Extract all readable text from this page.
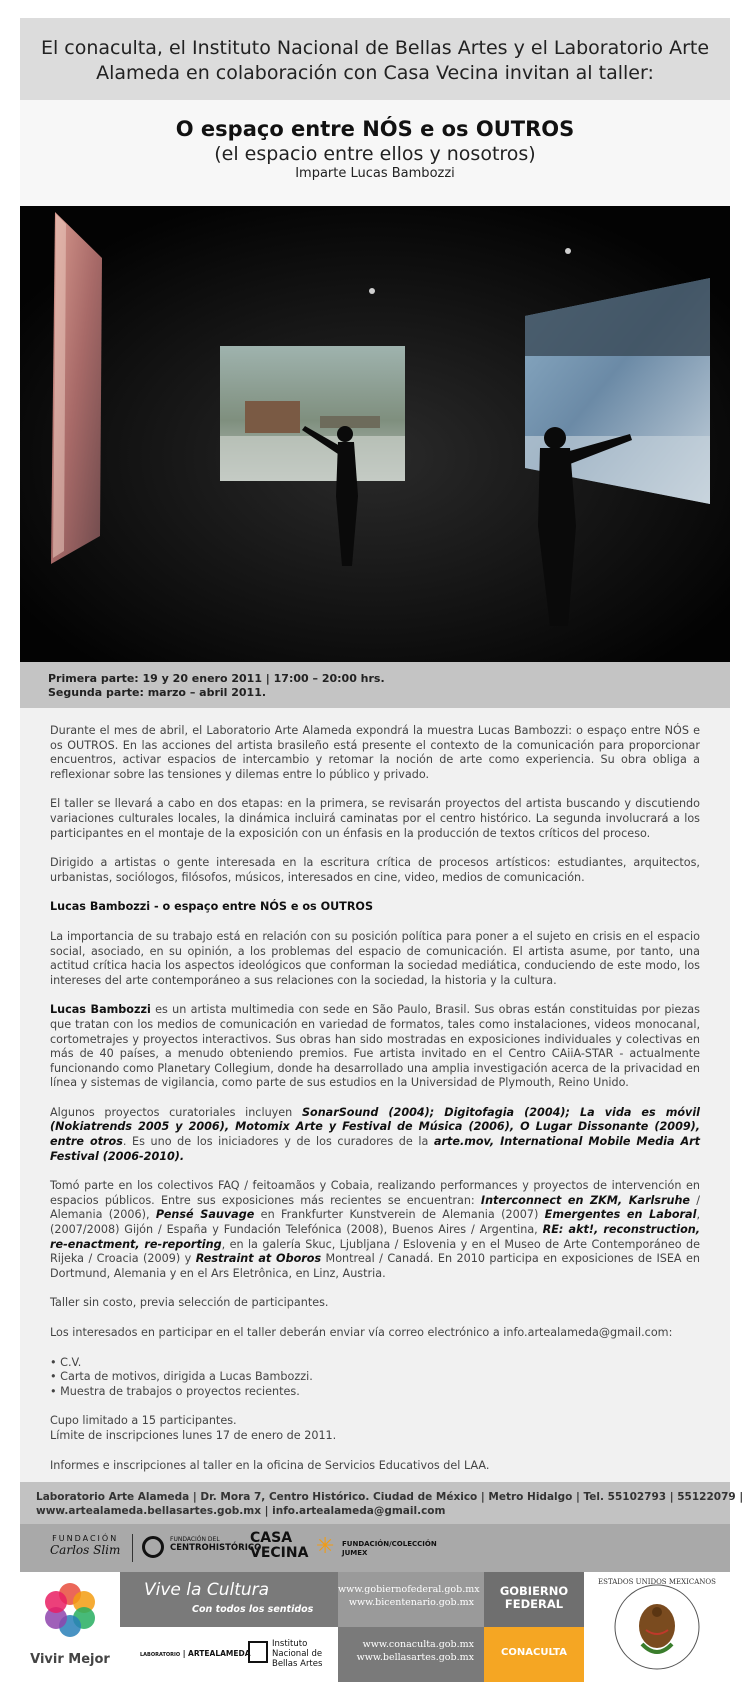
El conaculta, el Instituto Nacional de Bellas Artes y el Laboratorio Arte
Alameda en colaboración con Casa Vecina invitan al taller:
O espaço entre NÓS e os OUTROS
(el espacio entre ellos y nosotros)
Imparte Lucas Bambozzi
Primera parte: 19 y 20 enero 2011 | 17:00 – 20:00 hrs.
Segunda parte: marzo – abril 2011.

Durante el mes de abril, el Laboratorio Arte Alameda expondrá la muestra Lucas Bambozzi: o espaço entre NÓS e os OUTROS. En las acciones del artista brasileño está presente el contexto de la comunicación para proporcionar encuentros, activar espacios de intercambio y retomar la noción de arte como experiencia. Su obra obliga a reflexionar sobre las tensiones y dilemas entre lo público y privado.

El taller se llevará a cabo en dos etapas: en la primera, se revisarán proyectos del artista buscando y discutiendo variaciones culturales locales, la dinámica incluirá caminatas por el centro histórico. La segunda involucrará a los participantes en el montaje de la exposición con un énfasis en la producción de textos críticos del proceso.

Dirigido a artistas o gente interesada en la escritura crítica de procesos artísticos: estudiantes, arquitectos, urbanistas, sociólogos, filósofos, músicos, interesados en cine, video, medios de comunicación.

Lucas Bambozzi - o espaço entre NÓS e os OUTROS

La importancia de su trabajo está en relación con su posición política para poner a el sujeto en crisis en el espacio social, asociado, en su opinión, a los problemas del espacio de comunicación. El artista asume, por tanto, una actitud crítica hacia los aspectos ideológicos que conforman la sociedad mediática, conduciendo de este modo, los intereses del arte contemporáneo a sus relaciones con la sociedad, la historia y la cultura.

Lucas Bambozzi es un artista multimedia con sede en São Paulo, Brasil. Sus obras están constituidas por piezas que tratan con los medios de comunicación en variedad de formatos, tales como instalaciones, videos monocanal, cortometrajes y proyectos interactivos. Sus obras han sido mostradas en exposiciones individuales y colectivas en más de 40 países, a menudo obteniendo premios. Fue artista invitado en el Centro CAiiA-STAR - actualmente funcionando como Planetary Collegium, donde ha desarrollado una amplia investigación acerca de la privacidad en línea y sistemas de vigilancia, como parte de sus estudios en la Universidad de Plymouth, Reino Unido.

Algunos proyectos curatoriales incluyen SonarSound (2004); Digitofagia (2004); La vida es móvil (Nokiatrends 2005 y 2006), Motomix Arte y Festival de Música (2006), O Lugar Dissonante (2009), entre otros. Es uno de los iniciadores y de los curadores de la arte.mov, International Mobile Media Art Festival (2006-2010).

Tomó parte en los colectivos FAQ / feitoamãos y Cobaia, realizando performances y proyectos de intervención en espacios públicos. Entre sus exposiciones más recientes se encuentran: Interconnect en ZKM, Karlsruhe / Alemania (2006), Pensé Sauvage en Frankfurter Kunstverein de Alemania (2007) Emergentes en Laboral, (2007/2008) Gijón / España y Fundación Telefónica (2008), Buenos Aires / Argentina, RE: akt!, reconstruction, re-enactment, re-reporting, en la galería Skuc, Ljubljana / Eslovenia y en el Museo de Arte Contemporáneo de Rijeka / Croacia (2009) y Restraint at Oboros Montreal / Canadá. En 2010 participa en exposiciones de ISEA en Dortmund, Alemania y en el Ars Eletrônica, en Linz, Austria.

Taller sin costo, previa selección de participantes.

Los interesados en participar en el taller deberán enviar vía correo electrónico a info.artealameda@gmail.com:

• C.V.
• Carta de motivos, dirigida a Lucas Bambozzi.
• Muestra de trabajos o proyectos recientes.

Cupo limitado a 15 participantes.
Límite de inscripciones lunes 17 de enero de 2011.

Informes e inscripciones al taller en la oficina de Servicios Educativos del LAA.

Laboratorio Arte Alameda | Dr. Mora 7, Centro Histórico. Ciudad de México | Metro Hidalgo | Tel. 55102793 | 55122079 |
www.artealameda.bellasartes.gob.mx | info.artealameda@gmail.com
FUNDACIÓN
Carlos Slim
FUNDACIÓN DEL
CENTROHISTÓRICO
CASA
VECINA ✳ FUNDACIÓN/COLECCIÓN
JUMEX
Vivir Mejor
Vive la Cultura
Con todos los sentidos
www.gobiernofederal.gob.mx
www.bicentenario.gob.mx
GOBIERNO
FEDERAL
LABORATORIO | ARTEALAMEDA
Instituto
Nacional de
Bellas Artes
www.conaculta.gob.mx
www.bellasartes.gob.mx	CONACULTA
ESTADOS UNIDOS MEXICANOS
